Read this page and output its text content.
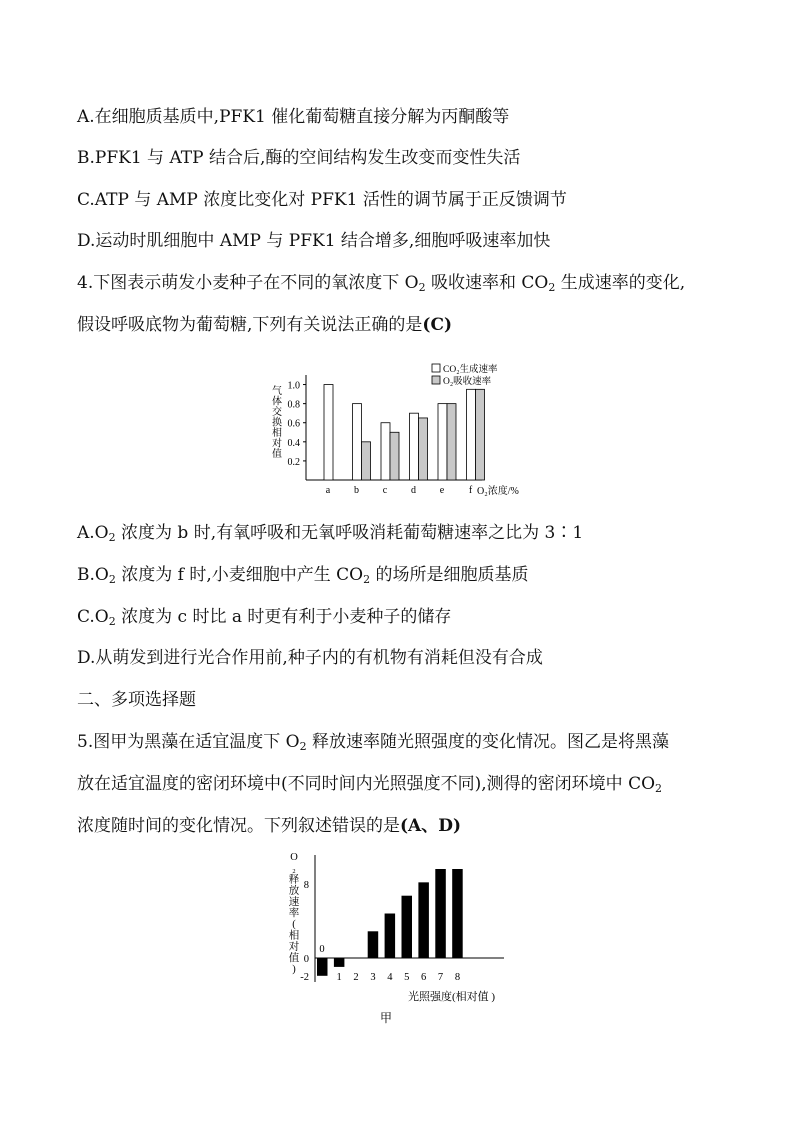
A.在细胞质基质中,PFK1 催化葡萄糖直接分解为丙酮酸等
B.PFK1 与 ATP 结合后,酶的空间结构发生改变而变性失活
C.ATP 与 AMP 浓度比变化对 PFK1 活性的调节属于正反馈调节
D.运动时肌细胞中 AMP 与 PFK1 结合增多,细胞呼吸速率加快
4.下图表示萌发小麦种子在不同的氧浓度下 $O_2$ 吸收速率和 $CO_2$ 生成速率的变化,
假设呼吸底物为葡萄糖,下列有关说法正确的是(C)
气
体
交
换
相
对
值
0.2
0.4
0.6
0.8
1.0
a b c d e f O₂浓度/%
CO₂生成速率
O₂吸收速率
$A.O_2$ 浓度为 b 时,有氧呼吸和无氧呼吸消耗葡萄糖速率之比为 3∶1
$B.O_2$ 浓度为 f 时,小麦细胞中产生 $CO_2$ 的场所是细胞质基质
$C.O_2$ 浓度为 c 时比 a 时更有利于小麦种子的储存
D.从萌发到进行光合作用前,种子内的有机物有消耗但没有合成
二、多项选择题
5.图甲为黑藻在适宜温度下 $O_2$ 释放速率随光照强度的变化情况。图乙是将黑藻
放在适宜温度的密闭环境中(不同时间内光照强度不同),测得的密闭环境中 $CO_2$
浓度随时间的变化情况。下列叙述错误的是(A、D)
O
₂
释
放
速
率
(
相
对
值
)
-2
0
8
1 2 3 4 5 6 7 8
0
光照强度(相对值 )
甲
